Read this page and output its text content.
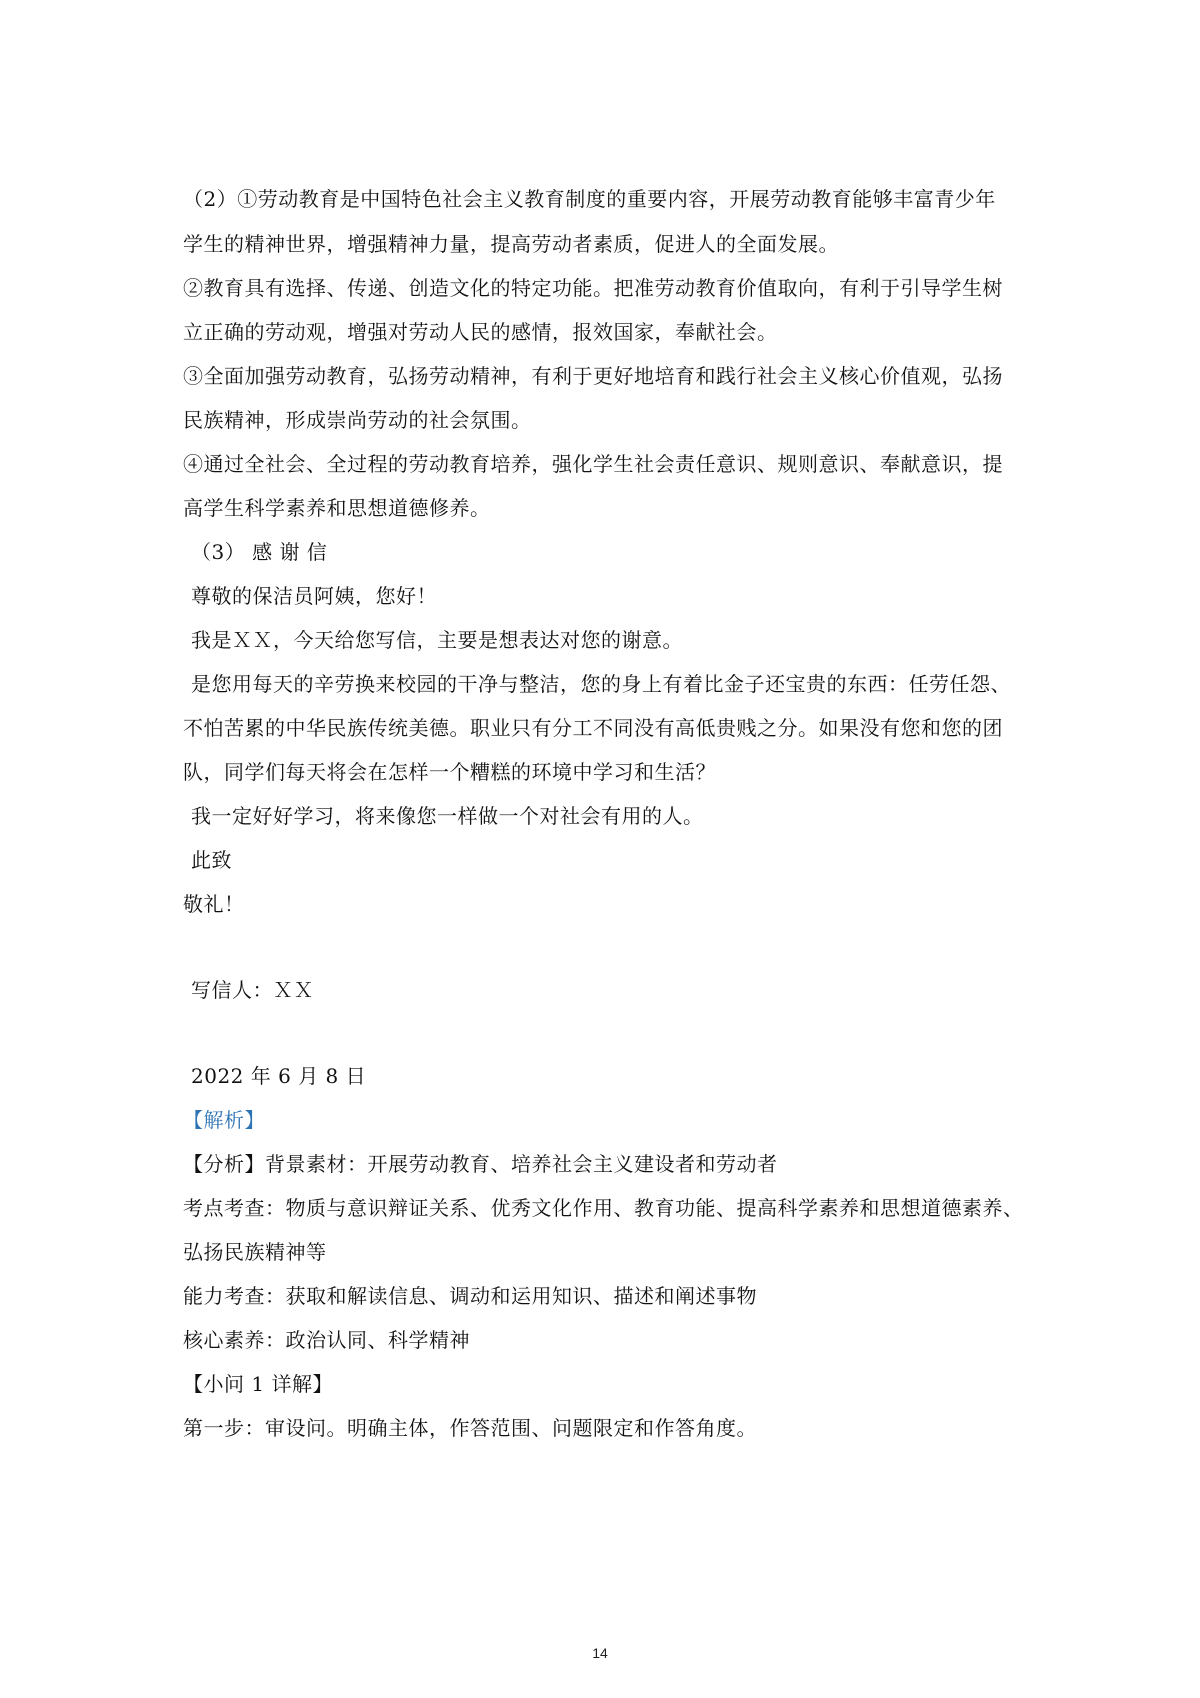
（2）①劳动教育是中国特色社会主义教育制度的重要内容，开展劳动教育能够丰富青少年
学生的精神世界，增强精神力量，提高劳动者素质，促进人的全面发展。
②教育具有选择、传递、创造文化的特定功能。把准劳动教育价值取向，有利于引导学生树
立正确的劳动观，增强对劳动人民的感情，报效国家，奉献社会。
③全面加强劳动教育，弘扬劳动精神，有利于更好地培育和践行社会主义核心价值观，弘扬
民族精神，形成崇尚劳动的社会氛围。
④通过全社会、全过程的劳动教育培养，强化学生社会责任意识、规则意识、奉献意识，提
高学生科学素养和思想道德修养。
（3） 感 谢 信
尊敬的保洁员阿姨，您好！
我是ＸＸ，今天给您写信，主要是想表达对您的谢意。
是您用每天的辛劳换来校园的干净与整洁，您的身上有着比金子还宝贵的东西：任劳任怨、
不怕苦累的中华民族传统美德。职业只有分工不同没有高低贵贱之分。如果没有您和您的团
队，同学们每天将会在怎样一个糟糕的环境中学习和生活？
我一定好好学习，将来像您一样做一个对社会有用的人。
此致
敬礼！
写信人：ＸＸ
2022 年 6 月 8 日
【解析】
【分析】背景素材：开展劳动教育、培养社会主义建设者和劳动者
考点考查：物质与意识辩证关系、优秀文化作用、教育功能、提高科学素养和思想道德素养、
弘扬民族精神等
能力考查：获取和解读信息、调动和运用知识、描述和阐述事物
核心素养：政治认同、科学精神
【小问 1 详解】
第一步：审设问。明确主体，作答范围、问题限定和作答角度。
14
